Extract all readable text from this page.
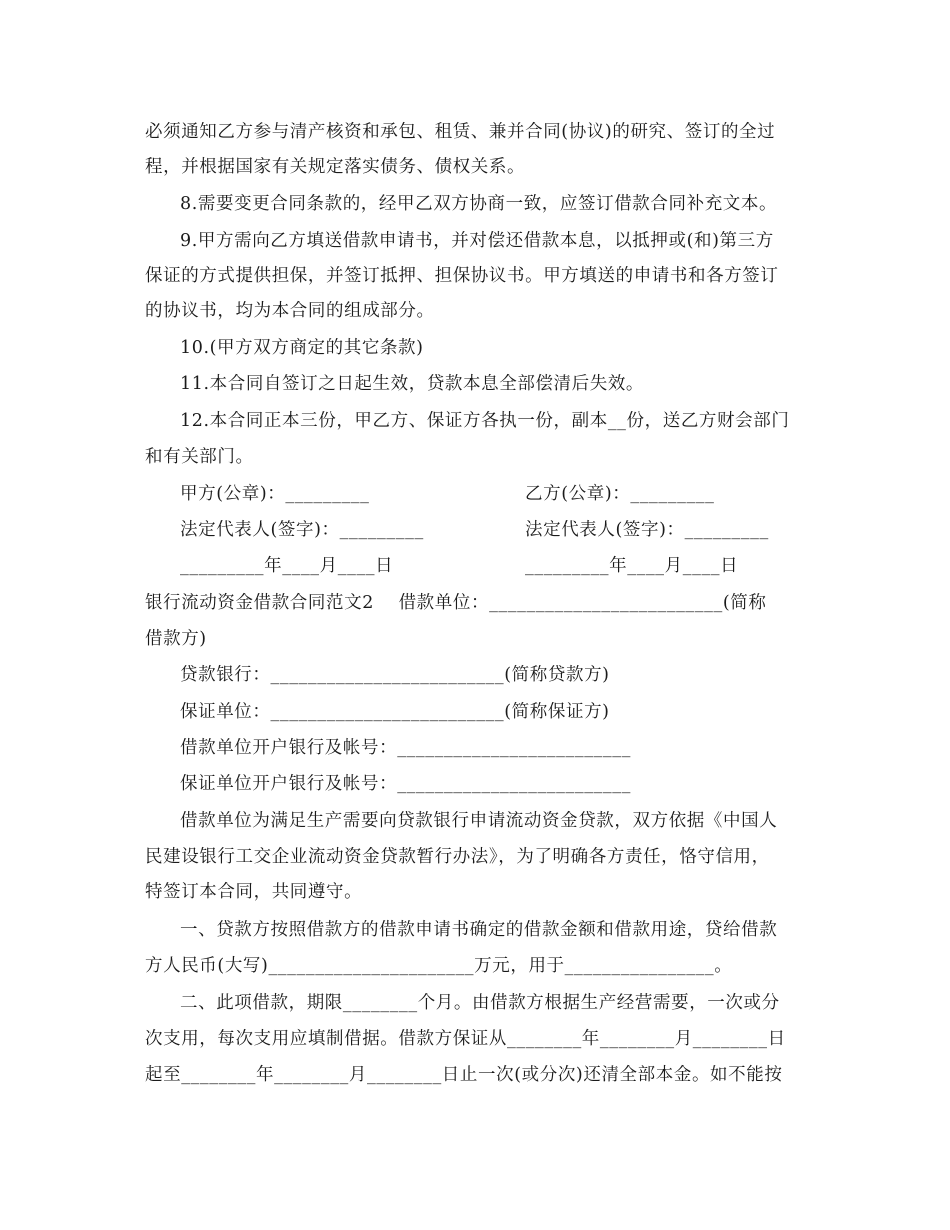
必须通知乙方参与清产核资和承包、租赁、兼并合同(协议)的研究、签订的全过
程，并根据国家有关规定落实债务、债权关系。
8.需要变更合同条款的，经甲乙双方协商一致，应签订借款合同补充文本。
9.甲方需向乙方填送借款申请书，并对偿还借款本息，以抵押或(和)第三方
保证的方式提供担保，并签订抵押、担保协议书。甲方填送的申请书和各方签订
的协议书，均为本合同的组成部分。
10.(甲方双方商定的其它条款)
11.本合同自签订之日起生效，贷款本息全部偿清后失效。
12.本合同正本三份，甲乙方、保证方各执一份，副本__份，送乙方财会部门
和有关部门。
甲方(公章)：_________	乙方(公章)：_________
法定代表人(签字)：_________	法定代表人(签字)：_________
_________年____月____日	_________年____月____日
银行流动资金借款合同范文2    借款单位：_________________________(简称
借款方)
贷款银行：_________________________(简称贷款方)
保证单位：_________________________(简称保证方)
借款单位开户银行及帐号：_________________________
保证单位开户银行及帐号：_________________________
借款单位为满足生产需要向贷款银行申请流动资金贷款，双方依据《中国人
民建设银行工交企业流动资金贷款暂行办法》，为了明确各方责任，恪守信用，
特签订本合同，共同遵守。
一、贷款方按照借款方的借款申请书确定的借款金额和借款用途，贷给借款
方人民币(大写)______________________万元，用于________________。
二、此项借款，期限________个月。由借款方根据生产经营需要，一次或分
次支用，每次支用应填制借据。借款方保证从________年________月________日
起至________年________月________日止一次(或分次)还清全部本金。如不能按
